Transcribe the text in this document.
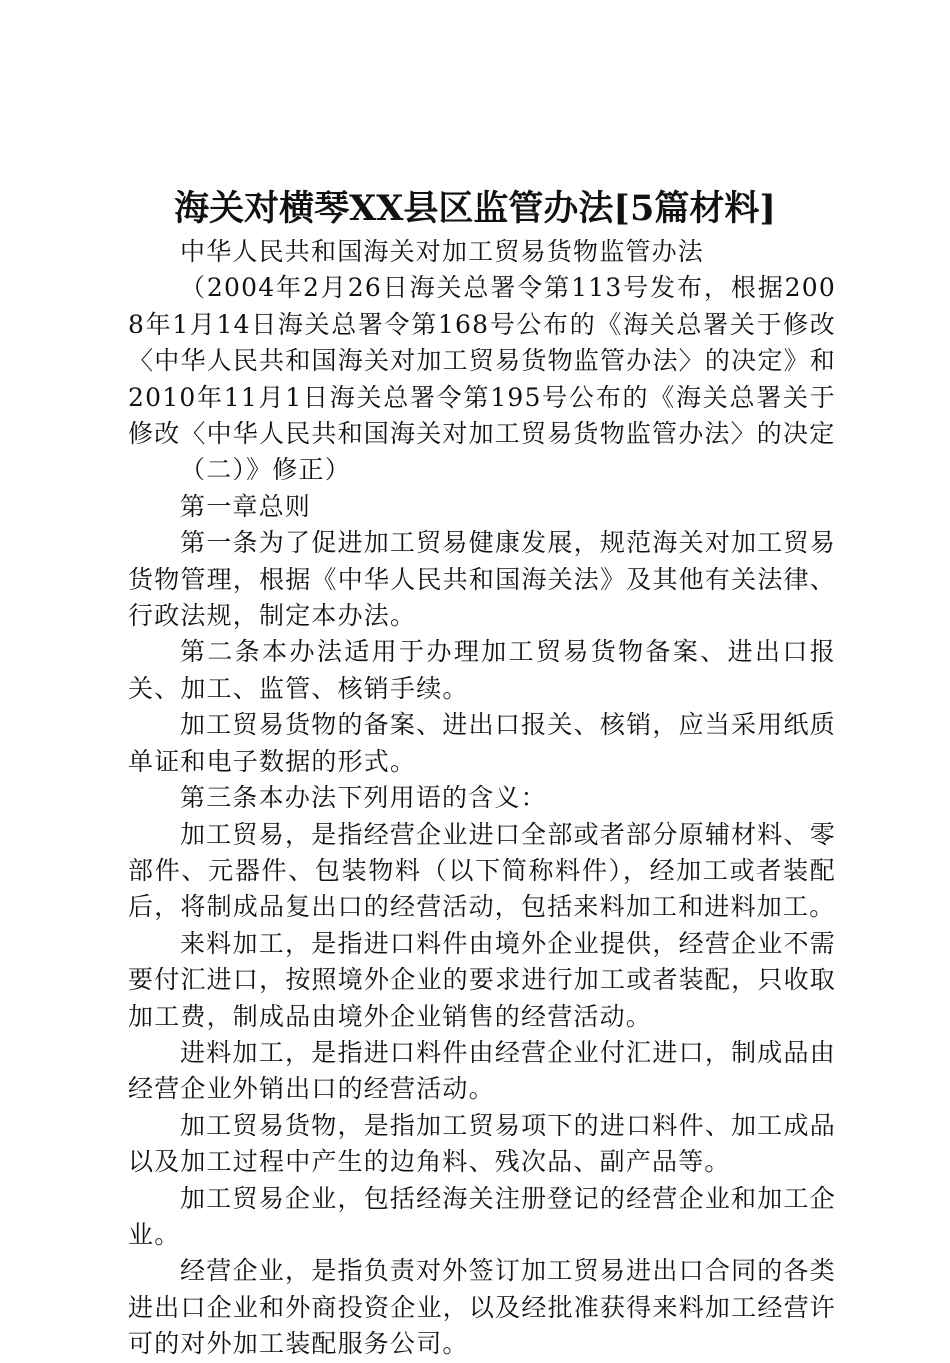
海关对横琴XX县区监管办法[5篇材料]

中华人民共和国海关对加工贸易货物监管办法

（2004年2月26日海关总署令第113号发布，根据2008年1月14日海关总署令第168号公布的《海关总署关于修改〈中华人民共和国海关对加工贸易货物监管办法〉的决定》和2010年11月1日海关总署令第195号公布的《海关总署关于修改〈中华人民共和国海关对加工贸易货物监管办法〉的决定

（二）》修正）

第一章总则

第一条为了促进加工贸易健康发展，规范海关对加工贸易货物管理，根据《中华人民共和国海关法》及其他有关法律、行政法规，制定本办法。

第二条本办法适用于办理加工贸易货物备案、进出口报关、加工、监管、核销手续。

加工贸易货物的备案、进出口报关、核销，应当采用纸质单证和电子数据的形式。

第三条本办法下列用语的含义：

加工贸易，是指经营企业进口全部或者部分原辅材料、零部件、元器件、包装物料（以下简称料件），经加工或者装配后，将制成品复出口的经营活动，包括来料加工和进料加工。

来料加工，是指进口料件由境外企业提供，经营企业不需要付汇进口，按照境外企业的要求进行加工或者装配，只收取加工费，制成品由境外企业销售的经营活动。

进料加工，是指进口料件由经营企业付汇进口，制成品由经营企业外销出口的经营活动。

加工贸易货物，是指加工贸易项下的进口料件、加工成品以及加工过程中产生的边角料、残次品、副产品等。

加工贸易企业，包括经海关注册登记的经营企业和加工企业。

经营企业，是指负责对外签订加工贸易进出口合同的各类进出口企业和外商投资企业，以及经批准获得来料加工经营许可的对外加工装配服务公司。
